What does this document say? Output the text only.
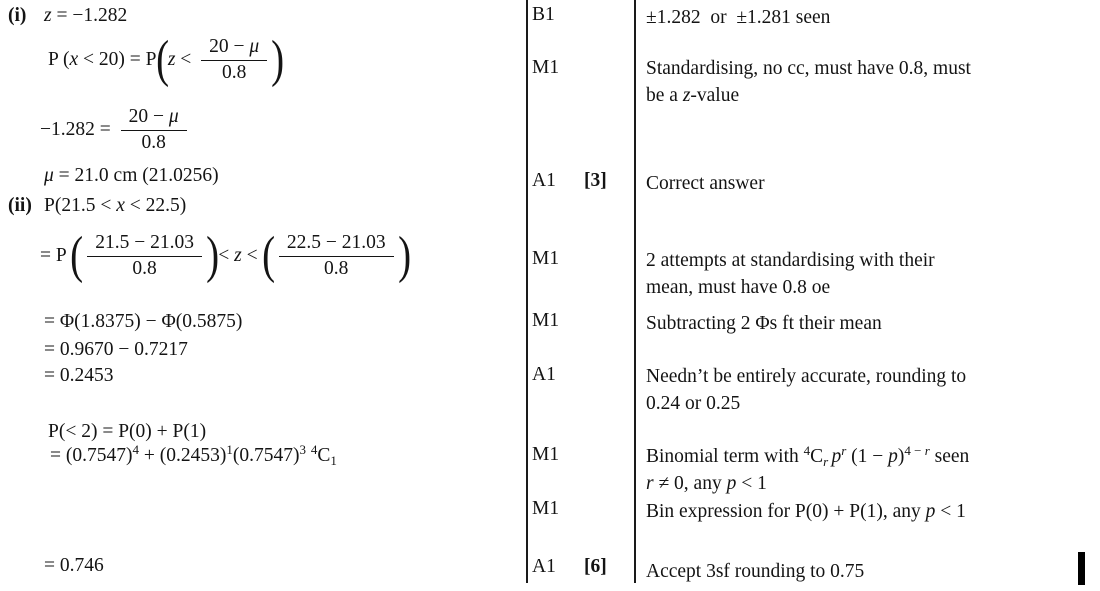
(i) z = −1.282
P (x < 20) = P ( $z < \frac{20 - \mu}{0.8}$ )
$-1.282 = \frac{20 - \mu}{0.8}$
μ = 21.0 cm (21.0256)
(ii) P(21.5 < x < 22.5)
= P ( $\frac{21.5 - 21.03}{0.8}$ ) < z < ( $\frac{22.5 - 21.03}{0.8}$ )
= Φ(1.8375) − Φ(0.5875)
= 0.9670 − 0.7217
= 0.2453
P(< 2) = P(0) + P(1)
= $(0.7547)^4 + (0.2453)^1(0.7547)^3$ $^4C_1$
= 0.746
B1
M1
A1 [3]
M1
M1
A1
M1
M1
A1 [6]
±1.282  or  ±1.281 seen
Standardising, no cc, must have 0.8, must
be a z-value
Correct answer
2 attempts at standardising with their
mean, must have 0.8 oe
Subtracting 2 Φs ft their mean
Needn’t be entirely accurate, rounding to
0.24 or 0.25
Binomial term with $^4C_r$ $p^r$ $(1 - p)^{4 -}$ $^r$ seen
r ≠ 0, any p < 1
Bin expression for P(0) + P(1), any p < 1
Accept 3sf rounding to 0.75
